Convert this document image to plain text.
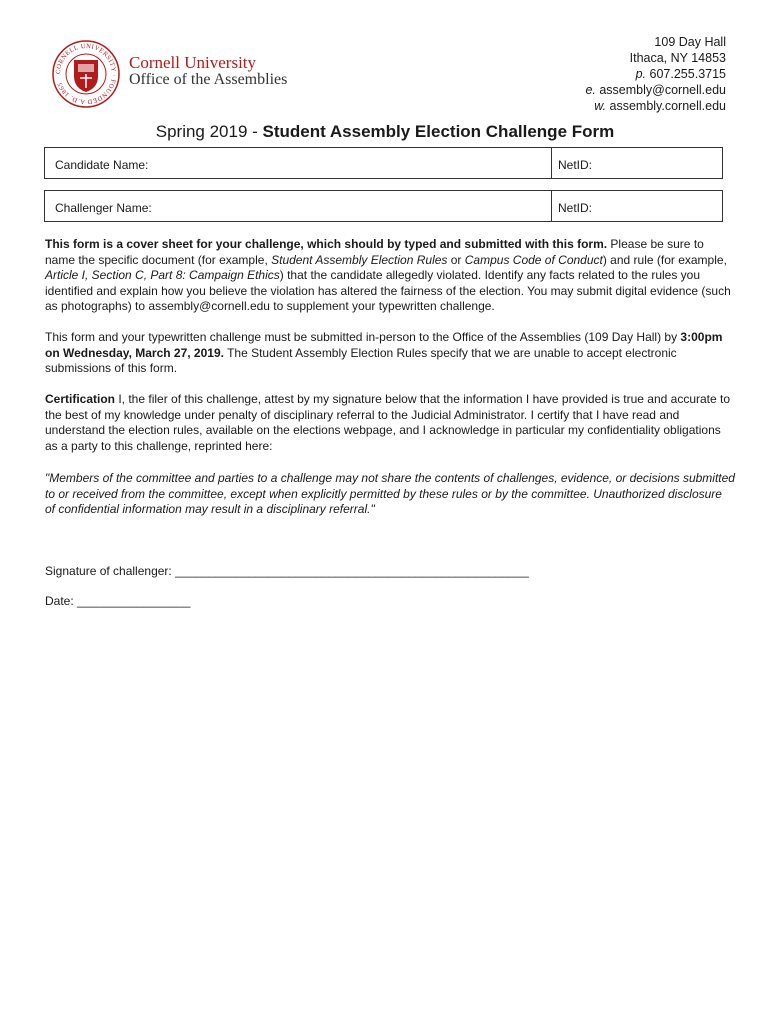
CORNELL UNIVERSITY · FOUNDED A.D. 1865
Cornell University
Office of the Assemblies
109 Day Hall
Ithaca, NY 14853
p. 607.255.3715
e. assembly@cornell.edu
w. assembly.cornell.edu
Spring 2019 - Student Assembly Election Challenge Form
Candidate Name:	NetID:
Challenger Name:	NetID:

This form is a cover sheet for your challenge, which should by typed and submitted with this form. Please be sure to name the specific document (for example, Student Assembly Election Rules or Campus Code of Conduct) and rule (for example, Article I, Section C, Part 8: Campaign Ethics) that the candidate allegedly violated. Identify any facts related to the rules you identified and explain how you believe the violation has altered the fairness of the election. You may submit digital evidence (such as photographs) to assembly@cornell.edu to supplement your typewritten challenge.

This form and your typewritten challenge must be submitted in-person to the Office of the Assemblies (109 Day Hall) by 3:00pm on Wednesday, March 27, 2019. The Student Assembly Election Rules specify that we are unable to accept electronic submissions of this form.

Certification I, the filer of this challenge, attest by my signature below that the information I have provided is true and accurate to the best of my knowledge under penalty of disciplinary referral to the Judicial Administrator. I certify that I have read and understand the election rules, available on the elections webpage, and I acknowledge in particular my confidentiality obligations as a party to this challenge, reprinted here:

"Members of the committee and parties to a challenge may not share the contents of challenges, evidence, or decisions submitted to or received from the committee, except when explicitly permitted by these rules or by the committee. Unauthorized disclosure of confidential information may result in a disciplinary referral."
Signature of challenger: _____________________________________________________
Date: _________________
